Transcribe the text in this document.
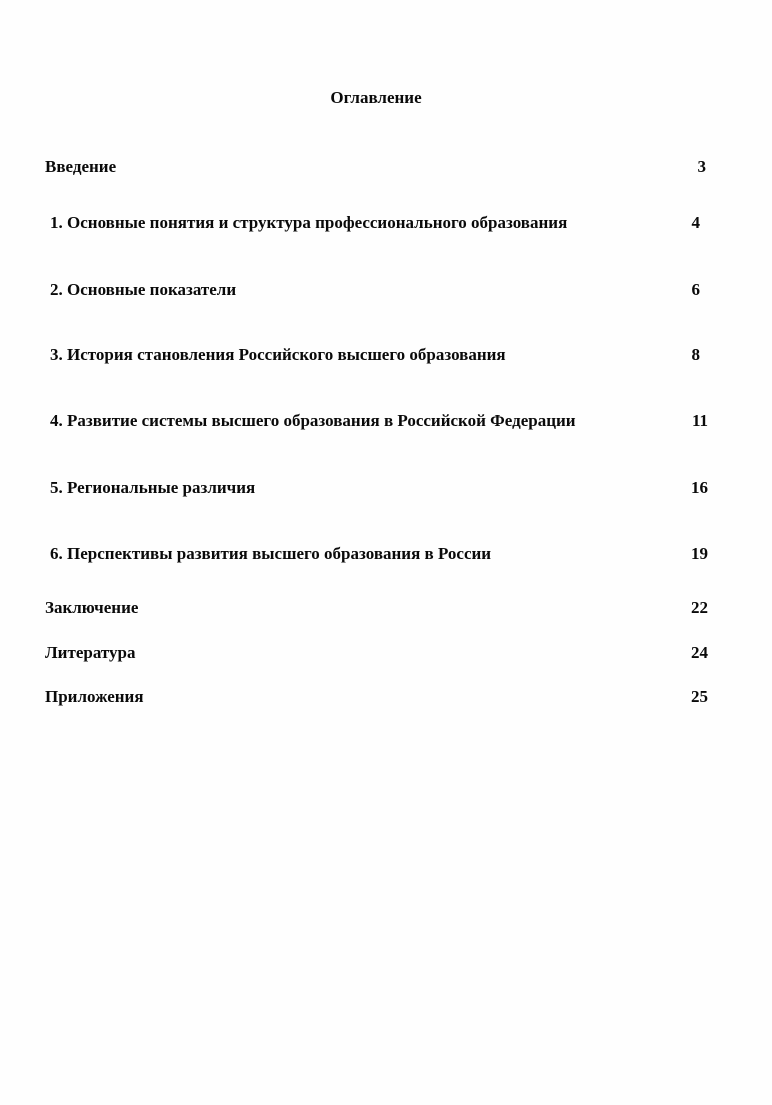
Оглавление
Введение	3
1. Основные понятия и структура профессионального образования	4
2. Основные показатели	6
3. История становления Российского высшего образования	8
4. Развитие системы высшего образования в Российской Федерации	11
5. Региональные различия	16
6. Перспективы развития высшего образования в России	19
Заключение	22
Литература	24
Приложения	25
